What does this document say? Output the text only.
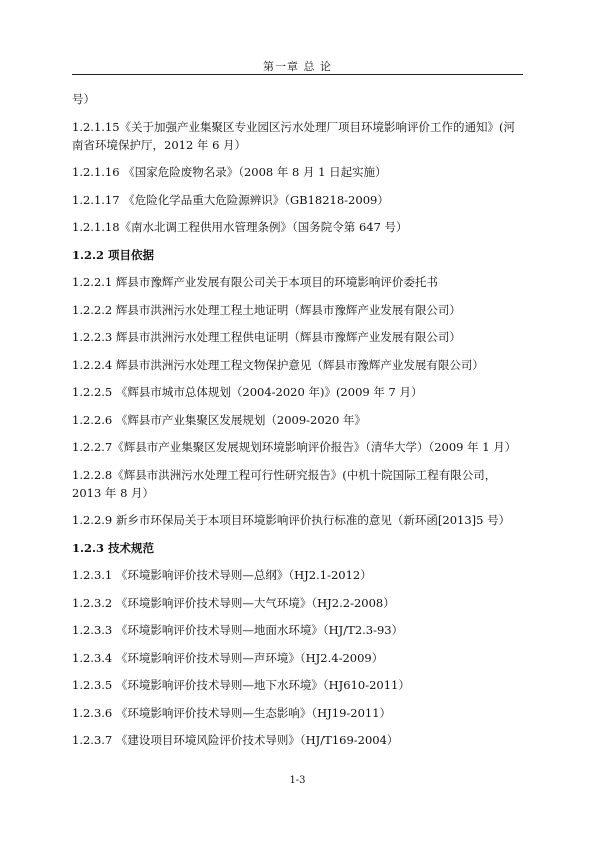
第一章 总 论
号）
1.2.1.15《关于加强产业集聚区专业园区污水处理厂项目环境影响评价工作的通知》(河南省环境保护厅，2012 年 6 月）
1.2.1.16 《国家危险废物名录》（2008 年 8 月 1 日起实施）
1.2.1.17 《危险化学品重大危险源辨识》（GB18218-2009）
1.2.1.18《南水北调工程供用水管理条例》（国务院令第 647 号）
1.2.2 项目依据
1.2.2.1 辉县市豫辉产业发展有限公司关于本项目的环境影响评价委托书
1.2.2.2 辉县市洪洲污水处理工程土地证明（辉县市豫辉产业发展有限公司）
1.2.2.3 辉县市洪洲污水处理工程供电证明（辉县市豫辉产业发展有限公司）
1.2.2.4 辉县市洪洲污水处理工程文物保护意见（辉县市豫辉产业发展有限公司）
1.2.2.5 《辉县市城市总体规划（2004-2020 年)》(2009 年 7 月）
1.2.2.6 《辉县市产业集聚区发展规划（2009-2020 年》
1.2.2.7《辉县市产业集聚区发展规划环境影响评价报告》（清华大学）（2009 年 1 月）
1.2.2.8《辉县市洪洲污水处理工程可行性研究报告》(中机十院国际工程有限公司，2013 年 8 月）
1.2.2.9 新乡市环保局关于本项目环境影响评价执行标准的意见（新环函[2013]5 号）
1.2.3 技术规范
1.2.3.1 《环境影响评价技术导则—总纲》（HJ2.1-2012）
1.2.3.2 《环境影响评价技术导则—大气环境》（HJ2.2-2008）
1.2.3.3 《环境影响评价技术导则—地面水环境》（HJ/T2.3-93）
1.2.3.4 《环境影响评价技术导则—声环境》（HJ2.4-2009）
1.2.3.5 《环境影响评价技术导则—地下水环境》（HJ610-2011）
1.2.3.6 《环境影响评价技术导则—生态影响》（HJ19-2011）
1.2.3.7 《建设项目环境风险评价技术导则》（HJ/T169-2004）
1-3
